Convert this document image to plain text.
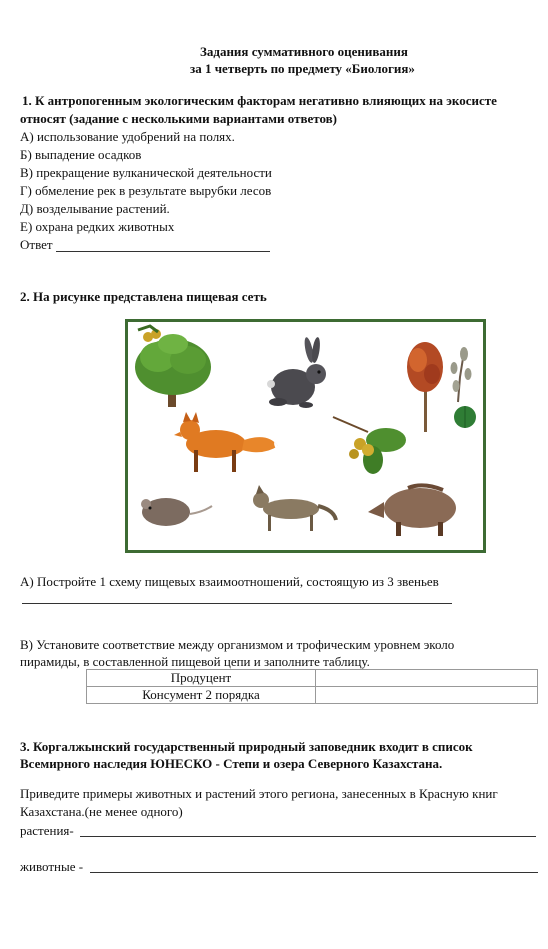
Задания суммативного оценивания
за 1 четверть по предмету «Биология»
1. К антропогенным экологическим факторам негативно влияющих на экосисте
относят (задание с несколькими вариантами ответов)
А) использование удобрений на полях.
Б) выпадение осадков
В) прекращение вулканической деятельности
Г) обмеление рек в результате вырубки лесов
Д) возделывание растений.
Е) охрана редких животных
Ответ
2. На рисунке представлена пищевая сеть
А) Постройте 1 схему пищевых взаимоотношений, состоящую из 3 звеньев
В) Установите соответствие между организмом и трофическим уровнем эколо
пирамиды, в составленной пищевой цепи и заполните таблицу.
Продуцент	
Консумент 2 порядка	
3. Коргалжынский государственный природный заповедник входит в список
Всемирного наследия ЮНЕСКО - Степи и озера Северного Казахстана.
Приведите примеры животных и растений этого региона, занесенных в Красную книг
Казахстана.(не менее одного)
растения-
животные -
